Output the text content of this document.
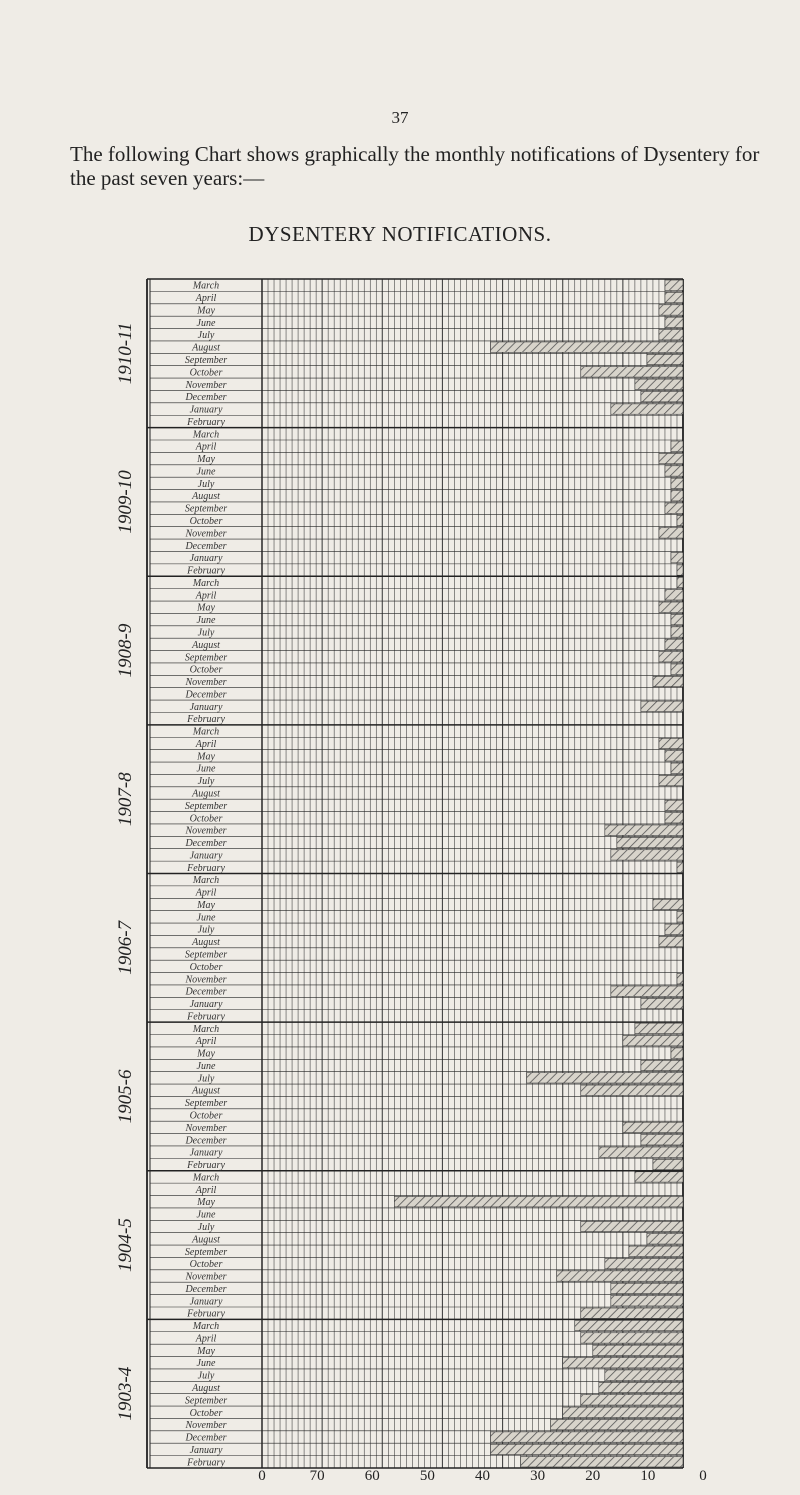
37
The following Chart shows graphically the monthly notifications of Dysentery for the past seven years:—
DYSENTERY NOTIFICATIONS.
1910-11
March
April
May
June
July
August
September
October
November
December
January
February
1909-10
March
April
May
June
July
August
September
October
November
December
January
February
1908-9
March
April
May
June
July
August
September
October
November
December
January
February
1907-8
March
April
May
June
July
August
September
October
November
December
January
February
1906-7
March
April
May
June
July
August
September
October
November
December
January
February
1905-6
March
April
May
June
July
August
September
October
November
December
January
February
1904-5
March
April
May
June
July
August
September
October
November
December
January
February
1903-4
March
April
May
June
July
August
September
October
November
December
January
February
0	70	60	50	40	30	20	10	0
